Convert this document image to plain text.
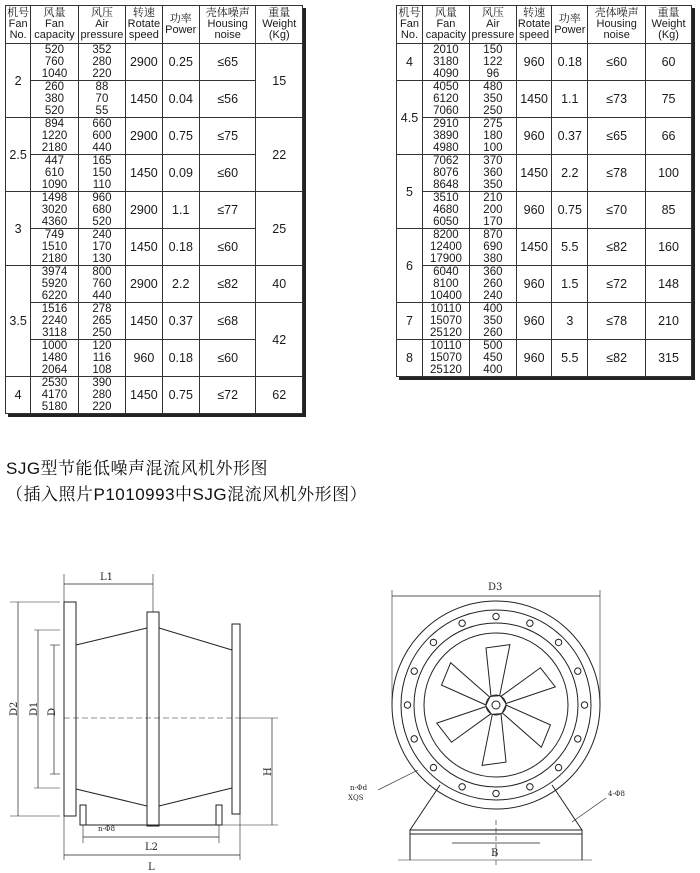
机号
Fan
No.	风量
Fan
capacity	风压
Air
pressure	转速
Rotate
speed	功率
Power	壳体噪声
Housing
noise	重量
Weight
(Kg)
2	520
760
1040	352
280
220	2900	0.25	≤65	15
	260
380
520	88
70
55	1450	0.04	≤56	
2.5	894
1220
2180	660
600
440	2900	0.75	≤75	22
	447
610
1090	165
150
110	1450	0.09	≤60	
3	1498
3020
4360	960
680
520	2900	1.1	≤77	25
	749
1510
2180	240
170
130	1450	0.18	≤60	
3.5	3974
5920
6220	800
760
440	2900	2.2	≤82	40
	1516
2240
3118	278
265
250	1450	0.37	≤68	42
	1000
1480
2064	120
116
108	960	0.18	≤60	
4	2530
4170
5180	390
280
220	1450	0.75	≤72	62
机号
Fan
No.	风量
Fan
capacity	风压
Air
pressure	转速
Rotate
speed	功率
Power	壳体噪声
Housing
noise	重量
Weight
(Kg)
4	2010
3180
4090	150
122
96	960	0.18	≤60	60
4.5	4050
6120
7060	480
350
250	1450	1.1	≤73	75
	2910
3890
4980	275
180
100	960	0.37	≤65	66
5	7062
8076
8648	370
360
350	1450	2.2	≤78	100
	3510
4680
6050	210
200
170	960	0.75	≤70	85
6	8200
12400
17900	870
690
380	1450	5.5	≤82	160
	6040
8100
10400	360
260
240	960	1.5	≤72	148
7	10110
15070
25120	400
350
260	960	3	≤78	210
8	10110
15070
25120	500
450
400	960	5.5	≤82	315
SJG型节能低噪声混流风机外形图
（插入照片P1010993中SJG混流风机外形图）
L1
L2
L
D2 D1 D
H
n-Φ8
D3
B
n-Φd
XQS	4-Φ8
